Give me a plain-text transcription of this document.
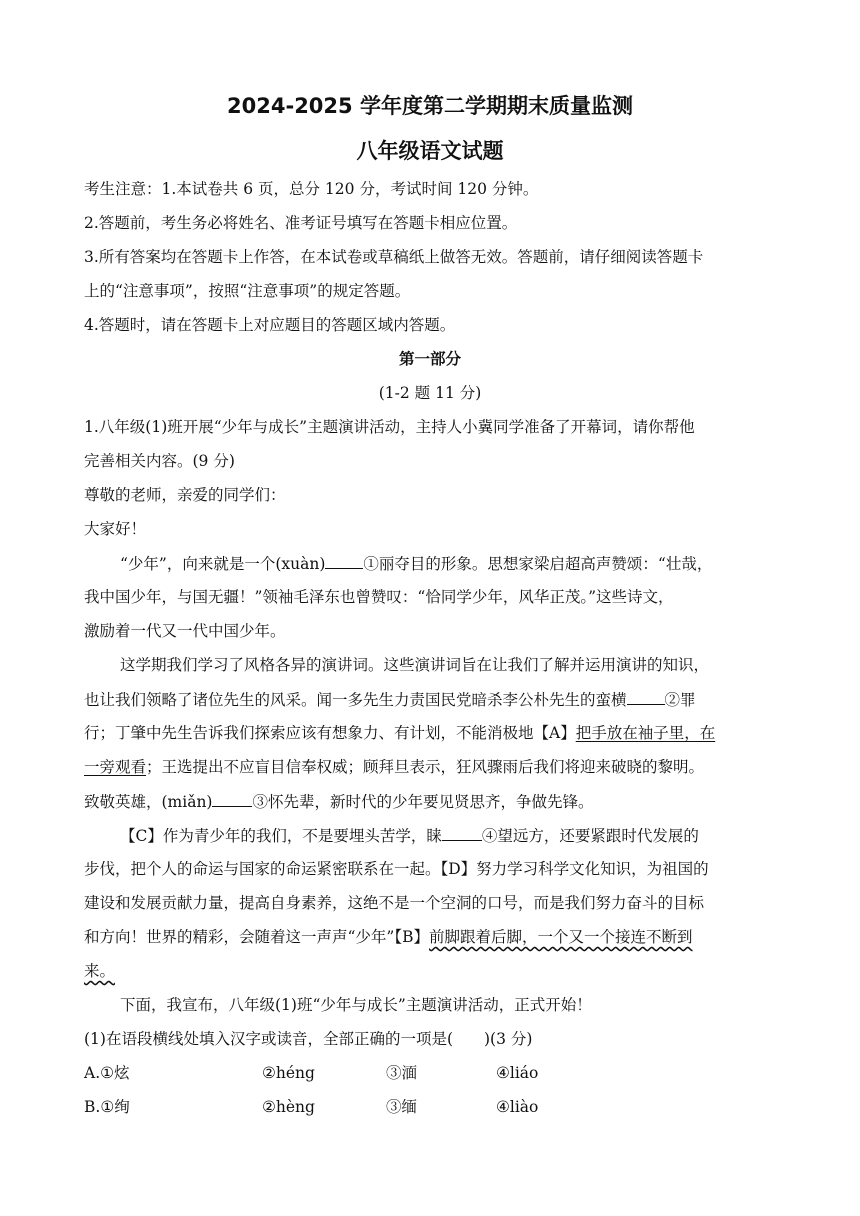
2024-2025 学年度第二学期期末质量监测
八年级语文试题
考生注意：1.本试卷共 6 页，总分 120 分，考试时间 120 分钟。
2.答题前，考生务必将姓名、准考证号填写在答题卡相应位置。
3.所有答案均在答题卡上作答，在本试卷或草稿纸上做答无效。答题前，请仔细阅读答题卡
上的“注意事项”，按照“注意事项”的规定答题。
4.答题时，请在答题卡上对应题目的答题区域内答题。
第一部分
(1-2 题 11 分)
1.八年级(1)班开展“少年与成长”主题演讲活动，主持人小冀同学准备了开幕词，请你帮他
完善相关内容。(9 分)
尊敬的老师，亲爱的同学们：
大家好！
“少年”，向来就是一个(xuàn) ①丽夺目的形象。思想家梁启超高声赞颂：“壮哉，
我中国少年，与国无疆！”领袖毛泽东也曾赞叹：“恰同学少年，风华正茂。”这些诗文，
激励着一代又一代中国少年。
这学期我们学习了风格各异的演讲词。这些演讲词旨在让我们了解并运用演讲的知识，
也让我们领略了诸位先生的风采。闻一多先生力责国民党暗杀李公朴先生的蛮横 ②罪
行；丁肇中先生告诉我们探索应该有想象力、有计划，不能消极地【A】把手放在袖子里，在
一旁观看；王选提出不应盲目信奉权威；顾拜旦表示，狂风骤雨后我们将迎来破晓的黎明。
致敬英雄，(miǎn)	③怀先辈，新时代的少年要见贤思齐，争做先锋。
【C】作为青少年的我们，不是要埋头苦学，睐	④望远方，还要紧跟时代发展的
步伐，把个人的命运与国家的命运紧密联系在一起。【D】努力学习科学文化知识，为祖国的
建设和发展贡献力量，提高自身素养，这绝不是一个空洞的口号，而是我们努力奋斗的目标
和方向！世界的精彩，会随着这一声声“少年”【B】前脚跟着后脚，一个又一个接连不断到
来。
下面，我宣布，八年级(1)班“少年与成长”主题演讲活动，正式开始！
(1)在语段横线处填入汉字或读音，全部正确的一项是(　　)(3 分)
A.①炫	②héng	③湎	④liáo
B.①绚	②hèng	③缅	④liào
